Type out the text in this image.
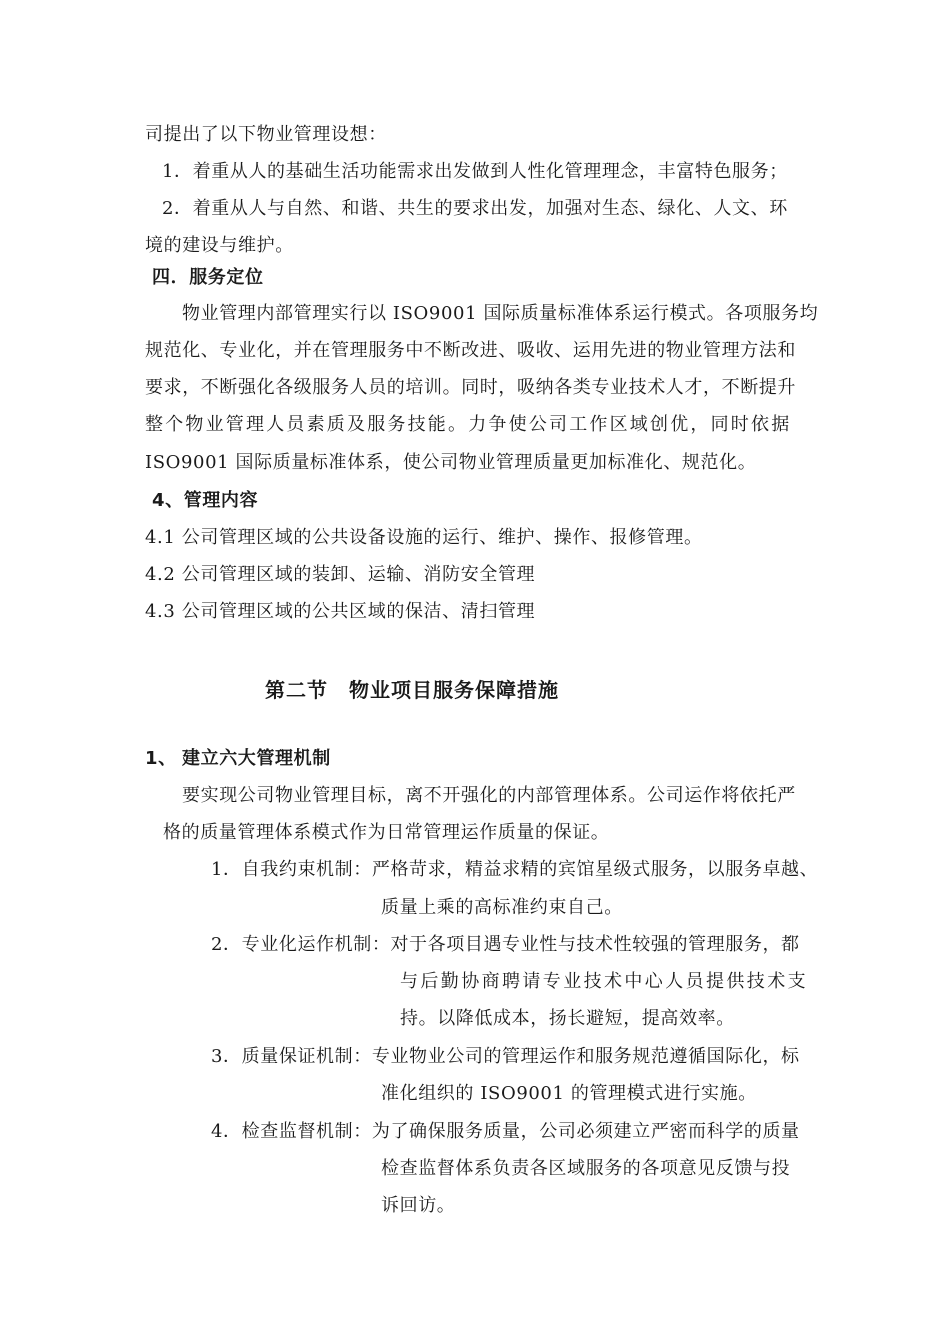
司提出了以下物业管理设想：
1．着重从人的基础生活功能需求出发做到人性化管理理念，丰富特色服务；
2．着重从人与自然、和谐、共生的要求出发，加强对生态、绿化、人文、环
境的建设与维护。
四．服务定位
物业管理内部管理实行以 ISO9001 国际质量标准体系运行模式。各项服务均
规范化、专业化，并在管理服务中不断改进、吸收、运用先进的物业管理方法和
要求，不断强化各级服务人员的培训。同时，吸纳各类专业技术人才，不断提升
整个物业管理人员素质及服务技能。力争使公司工作区域创优，同时依据
ISO9001 国际质量标准体系，使公司物业管理质量更加标准化、规范化。
4、管理内容
4.1 公司管理区域的公共设备设施的运行、维护、操作、报修管理。
4.2 公司管理区域的装卸、运输、消防安全管理
4.3 公司管理区域的公共区域的保洁、清扫管理
第二节　物业项目服务保障措施
1、 建立六大管理机制
要实现公司物业管理目标，离不开强化的内部管理体系。公司运作将依托严
格的质量管理体系模式作为日常管理运作质量的保证。
1．自我约束机制：严格苛求，精益求精的宾馆星级式服务，以服务卓越、
质量上乘的高标准约束自己。
2．专业化运作机制：对于各项目遇专业性与技术性较强的管理服务，都
与后勤协商聘请专业技术中心人员提供技术支
持。以降低成本，扬长避短，提高效率。
3．质量保证机制：专业物业公司的管理运作和服务规范遵循国际化，标
准化组织的 ISO9001 的管理模式进行实施。
4．检查监督机制：为了确保服务质量，公司必须建立严密而科学的质量
检查监督体系负责各区域服务的各项意见反馈与投
诉回访。
